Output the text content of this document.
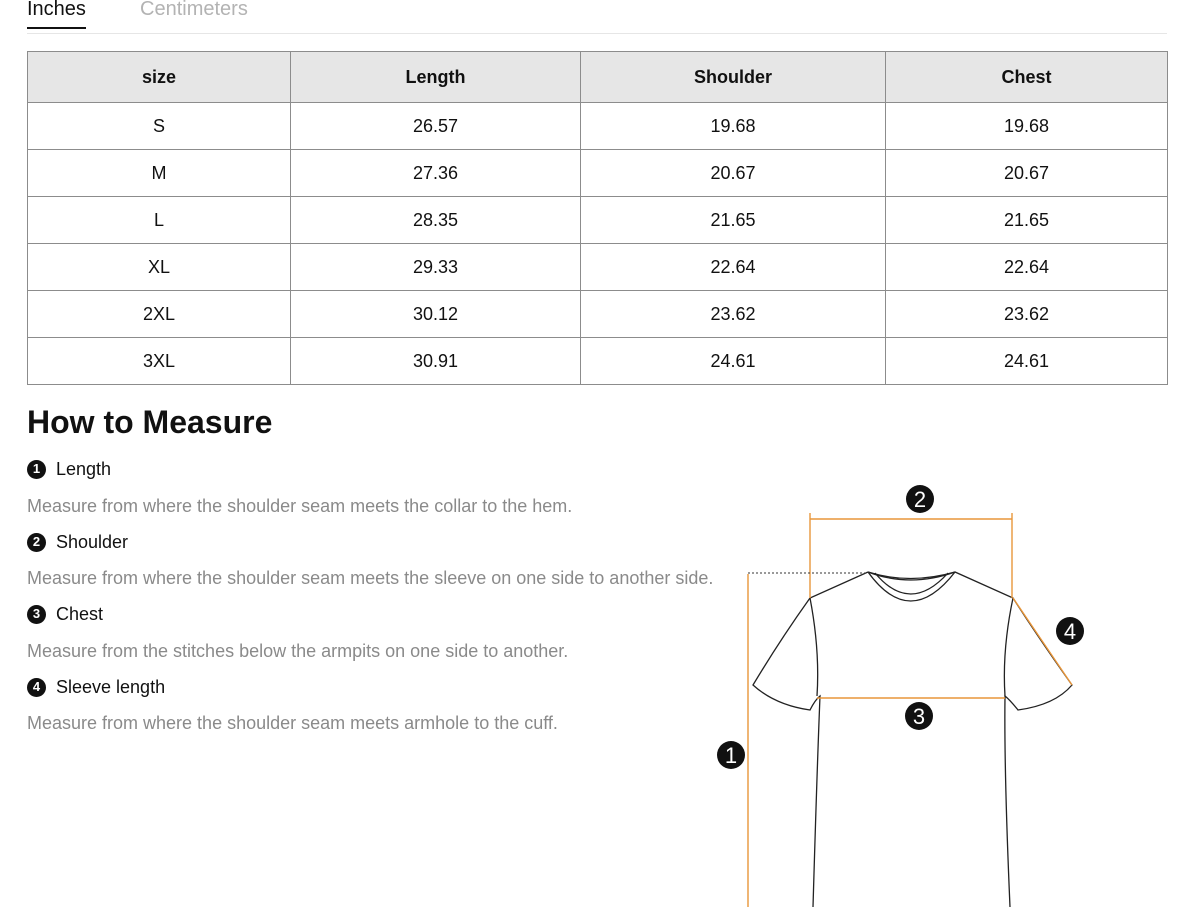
Inches	Centimeters
size	Length	Shoulder	Chest
S	26.57	19.68	19.68
M	27.36	20.67	20.67
L	28.35	21.65	21.65
XL	29.33	22.64	22.64
2XL	30.12	23.62	23.62
3XL	30.91	24.61	24.61
How to Measure
1 Length
Measure from where the shoulder seam meets the collar to the hem.
2 Shoulder
Measure from where the shoulder seam meets the sleeve on one side to another side.
3 Chest
Measure from the stitches below the armpits on one side to another.
4 Sleeve length
Measure from where the shoulder seam meets armhole to the cuff.
1
2
3
4
